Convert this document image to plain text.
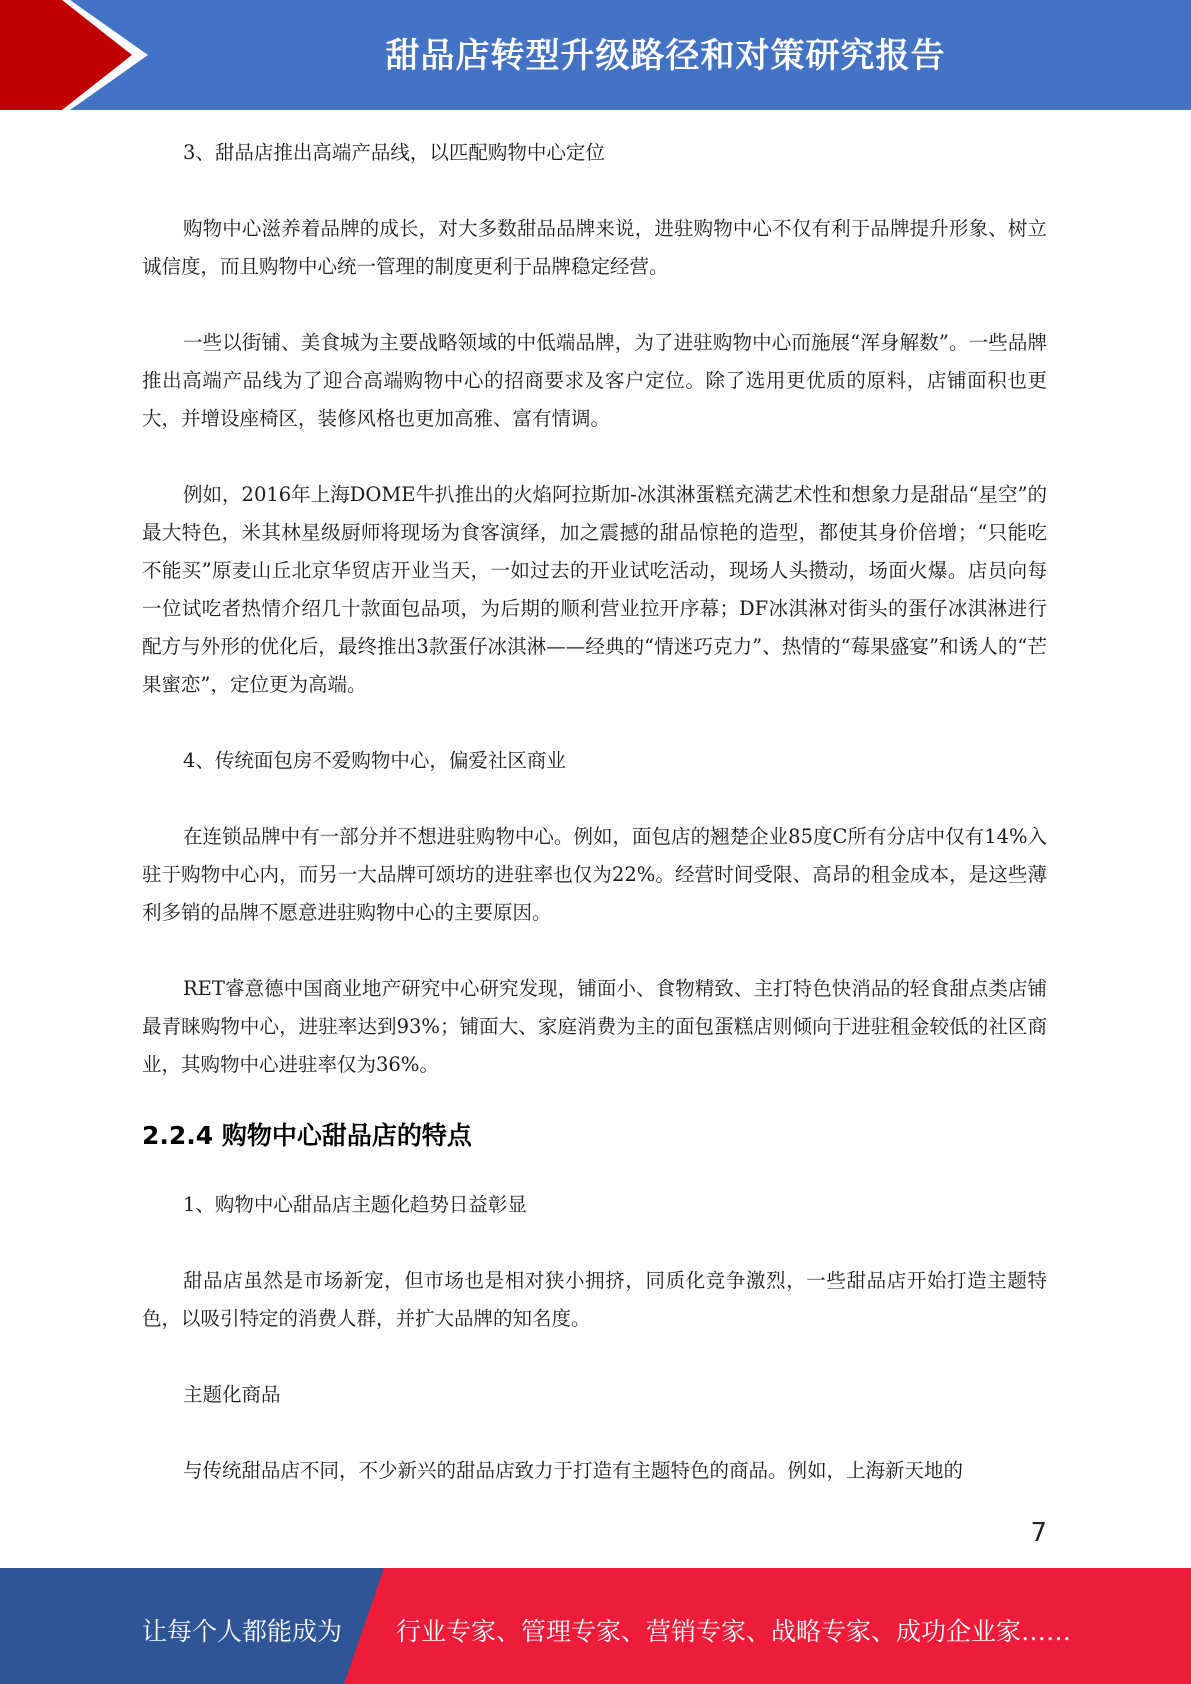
甜品店转型升级路径和对策研究报告

3、甜品店推出高端产品线，以匹配购物中心定位

购物中心滋养着品牌的成长，对大多数甜品品牌来说，进驻购物中心不仅有利于品牌提升形象、树立诚信度，而且购物中心统一管理的制度更利于品牌稳定经营。

一些以街铺、美食城为主要战略领域的中低端品牌，为了进驻购物中心而施展“浑身解数”。一些品牌推出高端产品线为了迎合高端购物中心的招商要求及客户定位。除了选用更优质的原料，店铺面积也更大，并增设座椅区，装修风格也更加高雅、富有情调。

例如，2016年上海DOME牛扒推出的火焰阿拉斯加-冰淇淋蛋糕充满艺术性和想象力是甜品“星空”的最大特色，米其林星级厨师将现场为食客演绎，加之震撼的甜品惊艳的造型，都使其身价倍增；“只能吃不能买”原麦山丘北京华贸店开业当天，一如过去的开业试吃活动，现场人头攒动，场面火爆。店员向每一位试吃者热情介绍几十款面包品项，为后期的顺利营业拉开序幕；DF冰淇淋对街头的蛋仔冰淇淋进行配方与外形的优化后，最终推出3款蛋仔冰淇淋——经典的“情迷巧克力”、热情的“莓果盛宴”和诱人的“芒果蜜恋”，定位更为高端。

4、传统面包房不爱购物中心，偏爱社区商业

在连锁品牌中有一部分并不想进驻购物中心。例如，面包店的翘楚企业85度C所有分店中仅有14%入驻于购物中心内，而另一大品牌可颂坊的进驻率也仅为22%。经营时间受限、高昂的租金成本，是这些薄利多销的品牌不愿意进驻购物中心的主要原因。

RET睿意德中国商业地产研究中心研究发现，铺面小、食物精致、主打特色快消品的轻食甜点类店铺最青睐购物中心，进驻率达到93%；铺面大、家庭消费为主的面包蛋糕店则倾向于进驻租金较低的社区商业，其购物中心进驻率仅为36%。

2.2.4 购物中心甜品店的特点

1、购物中心甜品店主题化趋势日益彰显

甜品店虽然是市场新宠，但市场也是相对狭小拥挤，同质化竞争激烈，一些甜品店开始打造主题特色，以吸引特定的消费人群，并扩大品牌的知名度。

主题化商品

与传统甜品店不同，不少新兴的甜品店致力于打造有主题特色的商品。例如，上海新天地的

7
让每个人都能成为 行业专家、管理专家、营销专家、战略专家、成功企业家……
